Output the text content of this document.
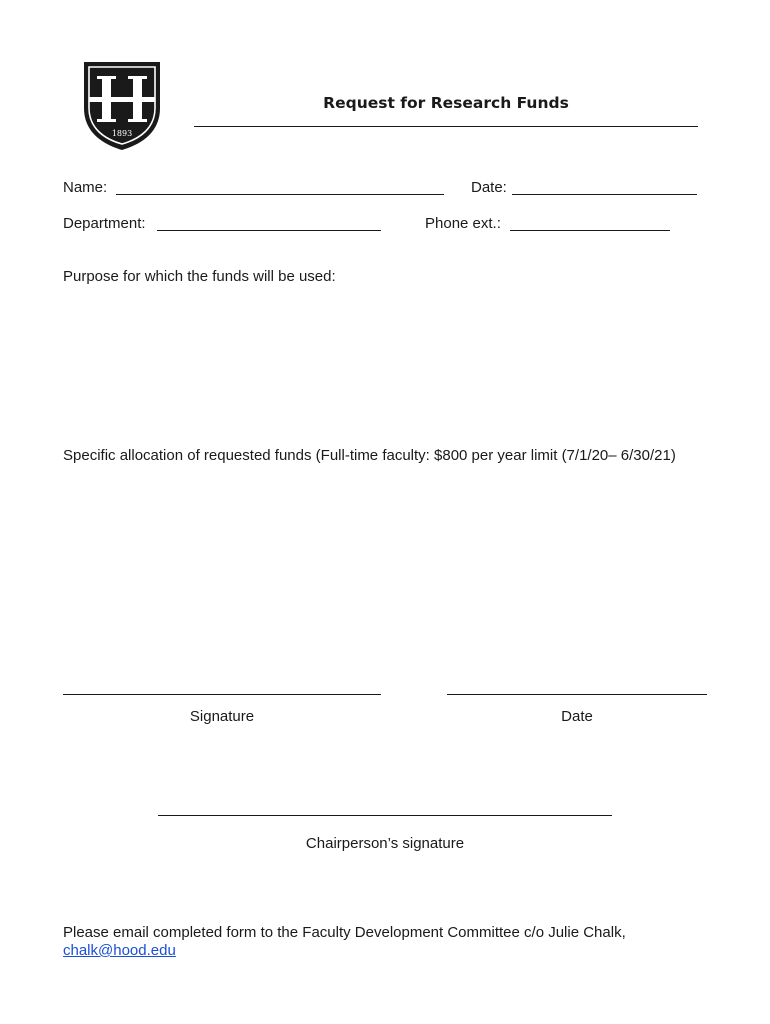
1893
Request for Research Funds
Name:	Date:
Department:	Phone ext.:
Purpose for which the funds will be used:
Specific allocation of requested funds (Full-time faculty: $800 per year limit (7/1/20– 6/30/21)
Signature	Date
Chairperson’s signature
Please email completed form to the Faculty Development Committee c/o Julie Chalk,
chalk@hood.edu
